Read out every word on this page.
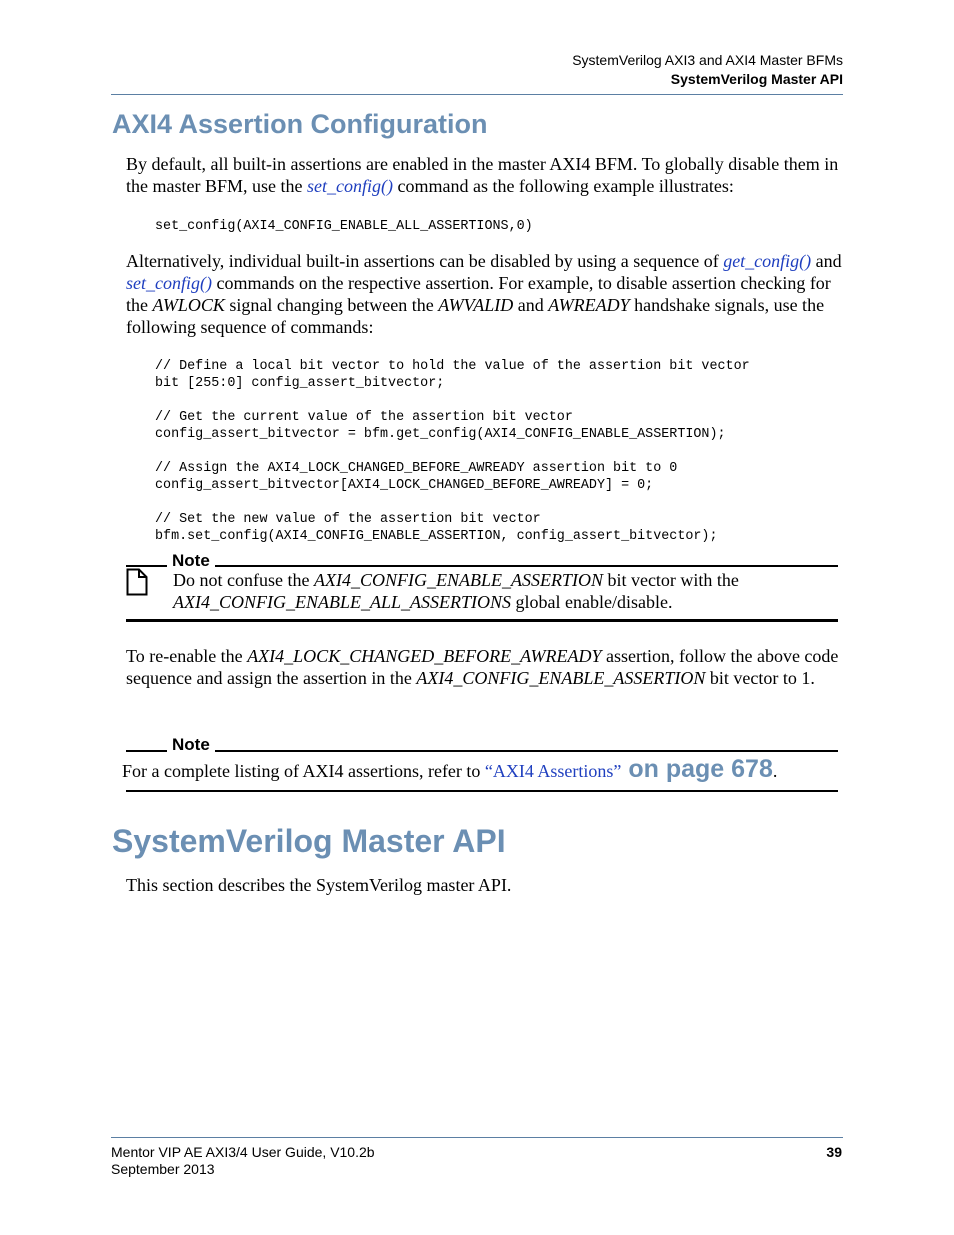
SystemVerilog AXI3 and AXI4 Master BFMs
SystemVerilog Master API
AXI4 Assertion Configuration
By default, all built-in assertions are enabled in the master AXI4 BFM. To globally disable them in the master BFM, use the set_config() command as the following example illustrates:
set_config(AXI4_CONFIG_ENABLE_ALL_ASSERTIONS,0)
Alternatively, individual built-in assertions can be disabled by using a sequence of get_config() and set_config() commands on the respective assertion. For example, to disable assertion checking for the AWLOCK signal changing between the AWVALID and AWREADY handshake signals, use the following sequence of commands:
// Define a local bit vector to hold the value of the assertion bit vector
bit [255:0] config_assert_bitvector;

// Get the current value of the assertion bit vector
config_assert_bitvector = bfm.get_config(AXI4_CONFIG_ENABLE_ASSERTION);

// Assign the AXI4_LOCK_CHANGED_BEFORE_AWREADY assertion bit to 0
config_assert_bitvector[AXI4_LOCK_CHANGED_BEFORE_AWREADY] = 0;

// Set the new value of the assertion bit vector
bfm.set_config(AXI4_CONFIG_ENABLE_ASSERTION, config_assert_bitvector);
Note
Do not confuse the AXI4_CONFIG_ENABLE_ASSERTION bit vector with the AXI4_CONFIG_ENABLE_ALL_ASSERTIONS global enable/disable.
To re-enable the AXI4_LOCK_CHANGED_BEFORE_AWREADY assertion, follow the above code sequence and assign the assertion in the AXI4_CONFIG_ENABLE_ASSERTION bit vector to 1.
Note
For a complete listing of AXI4 assertions, refer to “AXI4 Assertions” on page 678.
SystemVerilog Master API
This section describes the SystemVerilog master API.
Mentor VIP AE AXI3/4 User Guide, V10.2b
September 2013
39
